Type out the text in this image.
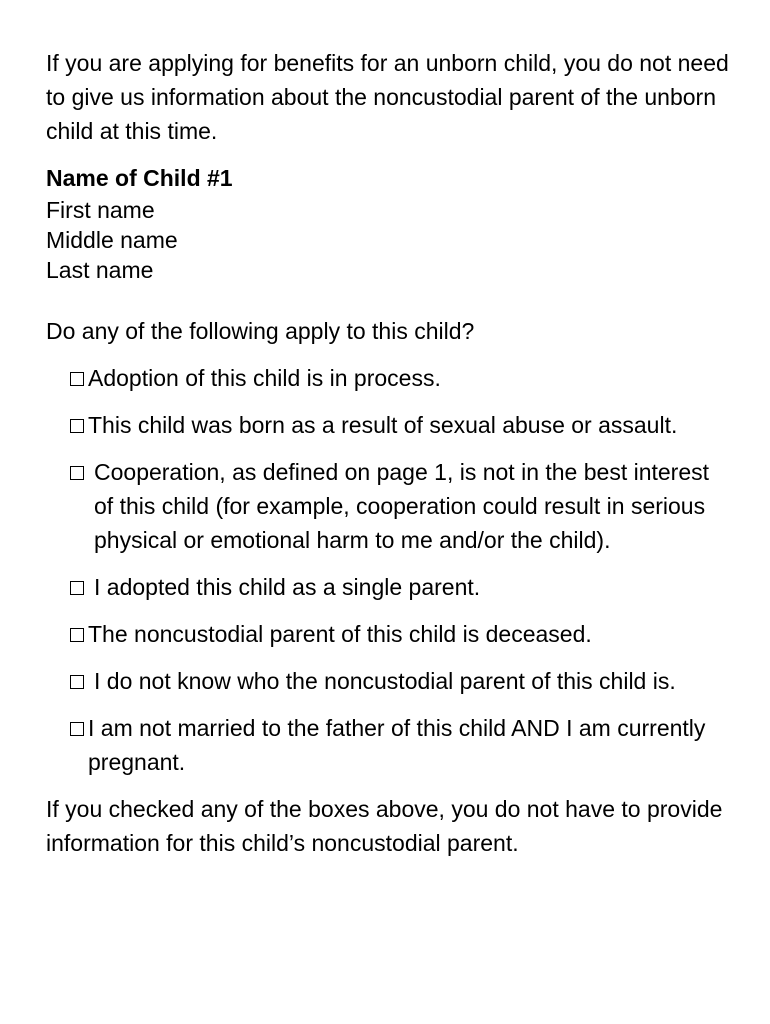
If you are applying for benefits for an unborn child, you do not need to give us information about the noncustodial parent of the unborn child at this time.

Name of Child #1
First name
Middle name
Last name
Do any of the following apply to this child?
Adoption of this child is in process.
This child was born as a result of sexual abuse or assault.
Cooperation, as defined on page 1, is not in the best interest of this child (for example, cooperation could result in serious physical or emotional harm to me and/or the child).
I adopted this child as a single parent.
The noncustodial parent of this child is deceased.
I do not know who the noncustodial parent of this child is.
I am not married to the father of this child AND I am currently pregnant.

If you checked any of the boxes above, you do not have to provide information for this child’s noncustodial parent.
